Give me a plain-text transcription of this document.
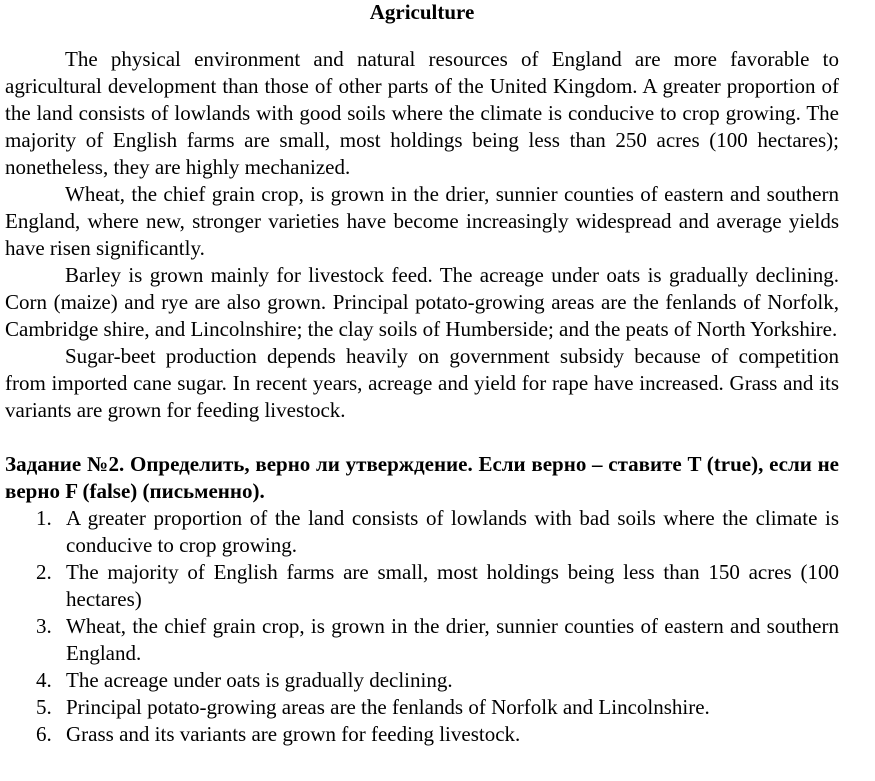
Agriculture

The physical environment and natural resources of England are more favorable to agricultural development than those of other parts of the United Kingdom. A greater proportion of the land consists of lowlands with good soils where the climate is conducive to crop growing. The majority of English farms are small, most holdings being less than 250 acres (100 hectares); nonetheless, they are highly mechanized.

Wheat, the chief grain crop, is grown in the drier, sunnier counties of eastern and southern England, where new, stronger varieties have become increasingly widespread and average yields have risen significantly.

Barley is grown mainly for livestock feed. The acreage under oats is gradually declining. Corn (maize) and rye are also grown. Principal potato-growing areas are the fenlands of Norfolk, Cambridge shire, and Lincolnshire; the clay soils of Humberside; and the peats of North Yorkshire.

Sugar-beet production depends heavily on government subsidy because of competition from imported cane sugar. In recent years, acreage and yield for rape have increased. Grass and its variants are grown for feeding livestock.

Задание №2. Определить, верно ли утверждение. Если верно – ставите T (true), если не верно F (false) (письменно).

1. A greater proportion of the land consists of lowlands with bad soils where the climate is conducive to crop growing.
2. The majority of English farms are small, most holdings being less than 150 acres (100 hectares)
3. Wheat, the chief grain crop, is grown in the drier, sunnier counties of eastern and southern England.
4. The acreage under oats is gradually declining.
5. Principal potato-growing areas are the fenlands of Norfolk and Lincolnshire.
6. Grass and its variants are grown for feeding livestock.
